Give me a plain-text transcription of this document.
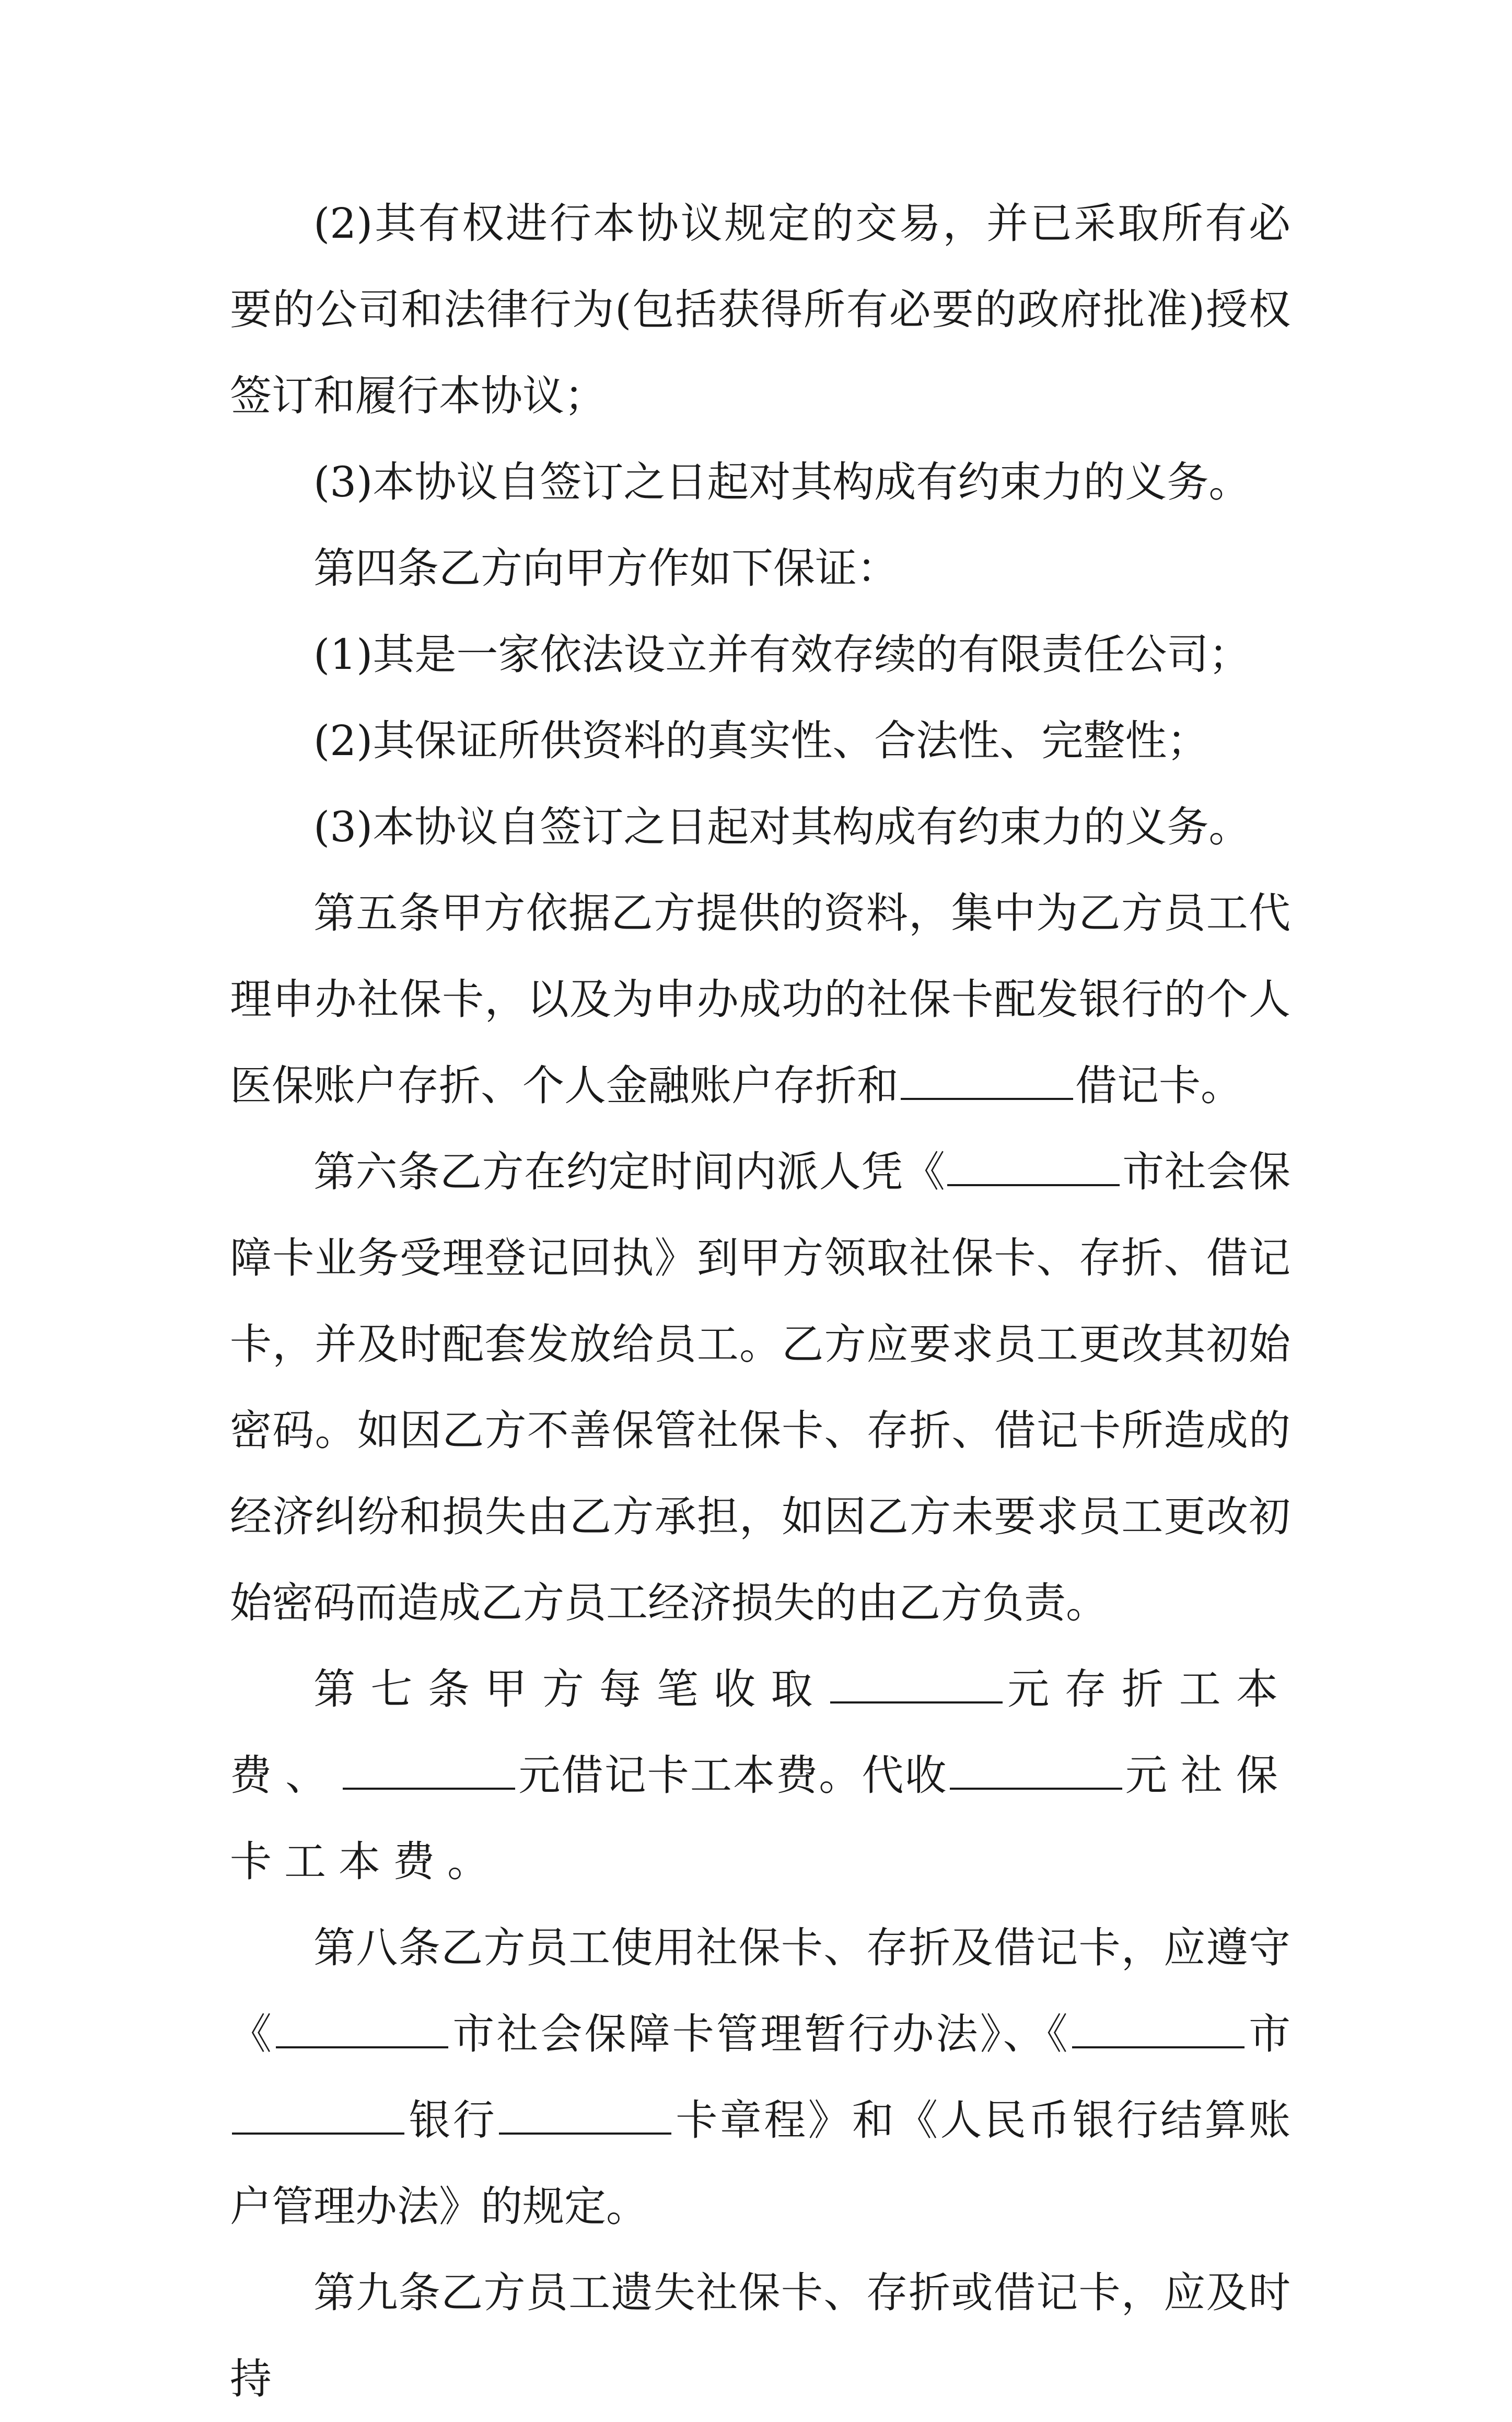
(2)其有权进行本协议规定的交易，并已采取所有必要的公司和法律行为(包括获得所有必要的政府批准)授权签订和履行本协议；

(3)本协议自签订之日起对其构成有约束力的义务。

第四条乙方向甲方作如下保证：

(1)其是一家依法设立并有效存续的有限责任公司；

(2)其保证所供资料的真实性、合法性、完整性；

(3)本协议自签订之日起对其构成有约束力的义务。

第五条甲方依据乙方提供的资料，集中为乙方员工代理申办社保卡，以及为申办成功的社保卡配发银行的个人医保账户存折、个人金融账户存折和	借记卡。

第六条乙方在约定时间内派人凭《	市社会保障卡业务受理登记回执》到甲方领取社保卡、存折、借记卡，并及时配套发放给员工。乙方应要求员工更改其初始密码。如因乙方不善保管社保卡、存折、借记卡所造成的经济纠纷和损失由乙方承担，如因乙方未要求员工更改初始密码而造成乙方员工经济损失的由乙方负责。

第七条甲方每笔收取	元存折工本费、	元借记卡工本费。代收	元社保卡工本费。

第八条乙方员工使用社保卡、存折及借记卡，应遵守《	市社会保障卡管理暂行办法》、《	市银行	卡章程》和《人民币银行结算账户管理办法》的规定。

第九条乙方员工遗失社保卡、存折或借记卡，应及时持
